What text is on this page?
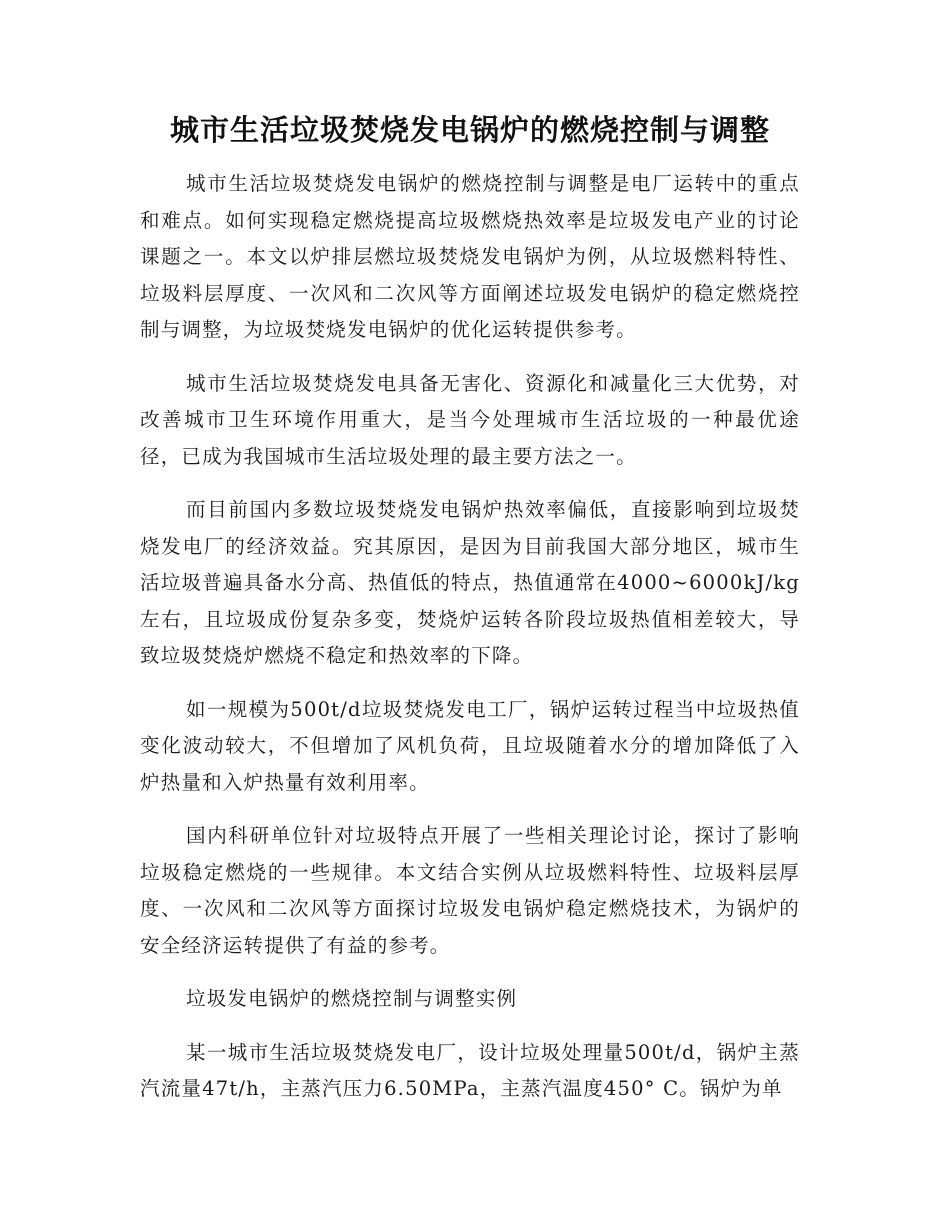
城市生活垃圾焚烧发电锅炉的燃烧控制与调整

城市生活垃圾焚烧发电锅炉的燃烧控制与调整是电厂运转中的重点和难点。如何实现稳定燃烧提高垃圾燃烧热效率是垃圾发电产业的讨论课题之一。本文以炉排层燃垃圾焚烧发电锅炉为例，从垃圾燃料特性、垃圾料层厚度、一次风和二次风等方面阐述垃圾发电锅炉的稳定燃烧控制与调整，为垃圾焚烧发电锅炉的优化运转提供参考。

城市生活垃圾焚烧发电具备无害化、资源化和减量化三大优势，对改善城市卫生环境作用重大，是当今处理城市生活垃圾的一种最优途径，已成为我国城市生活垃圾处理的最主要方法之一。

而目前国内多数垃圾焚烧发电锅炉热效率偏低，直接影响到垃圾焚烧发电厂的经济效益。究其原因，是因为目前我国大部分地区，城市生活垃圾普遍具备水分高、热值低的特点，热值通常在4000~6000kJ/kg左右，且垃圾成份复杂多变，焚烧炉运转各阶段垃圾热值相差较大，导致垃圾焚烧炉燃烧不稳定和热效率的下降。

如一规模为500t/d垃圾焚烧发电工厂，锅炉运转过程当中垃圾热值变化波动较大，不但增加了风机负荷，且垃圾随着水分的增加降低了入炉热量和入炉热量有效利用率。

国内科研单位针对垃圾特点开展了一些相关理论讨论，探讨了影响垃圾稳定燃烧的一些规律。本文结合实例从垃圾燃料特性、垃圾料层厚度、一次风和二次风等方面探讨垃圾发电锅炉稳定燃烧技术，为锅炉的安全经济运转提供了有益的参考。

垃圾发电锅炉的燃烧控制与调整实例

某一城市生活垃圾焚烧发电厂，设计垃圾处理量500t/d，锅炉主蒸汽流量47t/h，主蒸汽压力6.50MPa，主蒸汽温度450° C。锅炉为单
